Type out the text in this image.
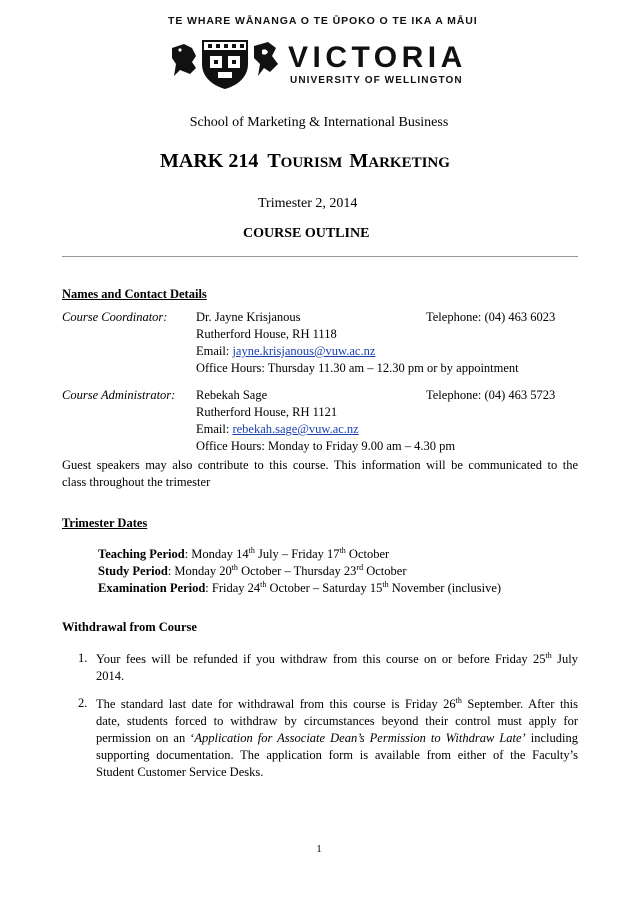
TE WHARE WĀNANGA O TE ŪPOKO O TE IKA A MĀUI
VICTORIA
UNIVERSITY OF WELLINGTON
School of Marketing & International Business
MARK 214 TOURISM MARKETING
Trimester 2, 2014
COURSE OUTLINE
Names and Contact Details
Course Coordinator: Dr. Jayne Krisjanous	Telephone: (04) 463 6023
Rutherford House, RH 1118
Email: jayne.krisjanous@vuw.ac.nz
Office Hours: Thursday 11.30 am – 12.30 pm or by appointment
Course Administrator: Rebekah Sage	Telephone: (04) 463 5723
Rutherford House, RH 1121
Email: rebekah.sage@vuw.ac.nz
Office Hours: Monday to Friday 9.00 am – 4.30 pm
Guest speakers may also contribute to this course. This information will be communicated to the
class throughout the trimester
Trimester Dates
Teaching Period: Monday 14th July – Friday 17th October
Study Period: Monday 20th October – Thursday 23rd October
Examination Period: Friday 24th October – Saturday 15th November (inclusive)
Withdrawal from Course
1. Your fees will be refunded if you withdraw from this course on or before Friday 25th July
2014.
2. The standard last date for withdrawal from this course is Friday 26th September. After this
date, students forced to withdraw by circumstances beyond their control must apply for
permission on an ‘Application for Associate Dean’s Permission to Withdraw Late’ including
supporting documentation. The application form is available from either of the Faculty’s
Student Customer Service Desks.
1
